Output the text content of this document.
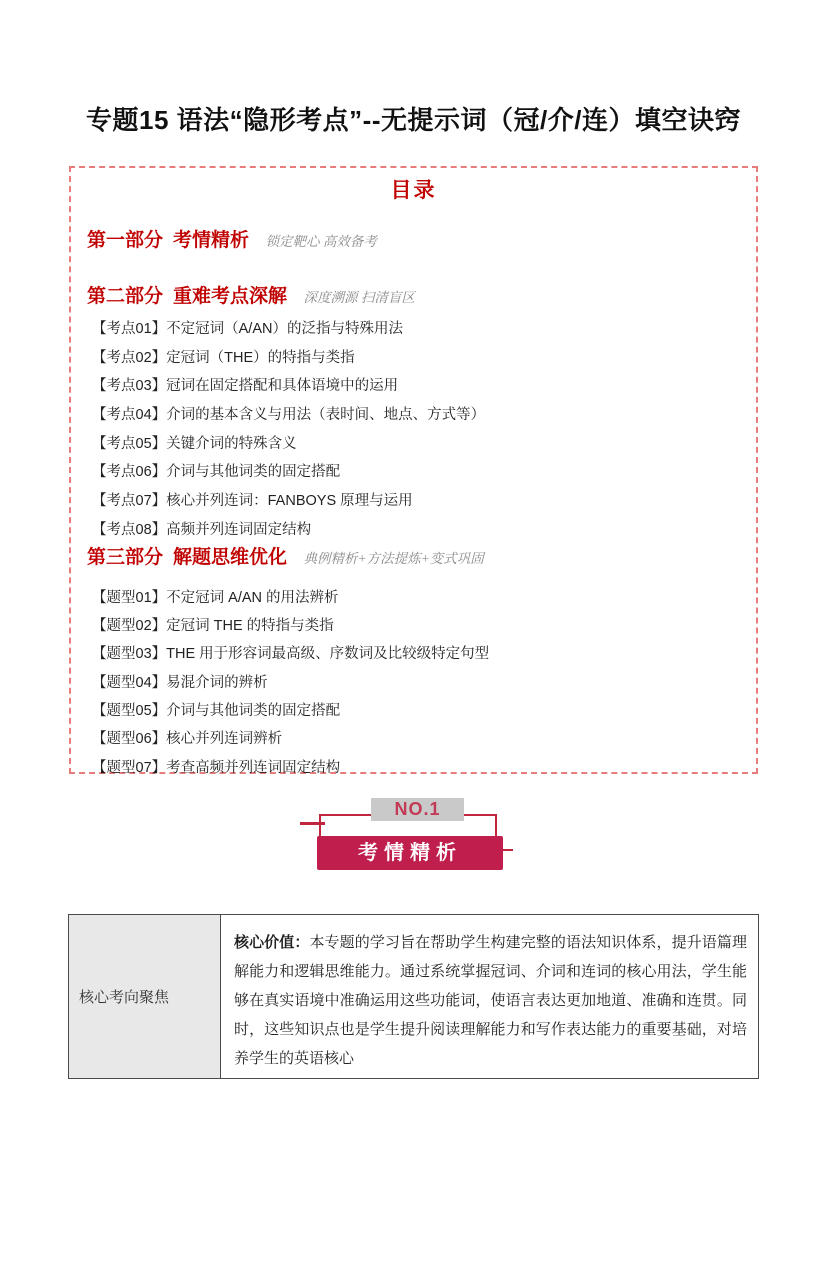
专题15 语法“隐形考点”--无提示词（冠/介/连）填空诀窍
目录
第一部分 考情精析 锁定靶心 高效备考
第二部分 重难考点深解 深度溯源 扫清盲区
【考点01】不定冠词（A/AN）的泛指与特殊用法
【考点02】定冠词（THE）的特指与类指
【考点03】冠词在固定搭配和具体语境中的运用
【考点04】介词的基本含义与用法（表时间、地点、方式等）
【考点05】关键介词的特殊含义
【考点06】介词与其他词类的固定搭配
【考点07】核心并列连词：FANBOYS 原理与运用
【考点08】高频并列连词固定结构
第三部分 解题思维优化 典例精析+方法提炼+变式巩固
【题型01】不定冠词 A/AN 的用法辨析
【题型02】定冠词 THE 的特指与类指
【题型03】THE 用于形容词最高级、序数词及比较级特定句型
【题型04】易混介词的辨析
【题型05】介词与其他词类的固定搭配
【题型06】核心并列连词辨析
【题型07】考查高频并列连词固定结构
NO.1
考情精析
核心考向聚焦	核心价值：本专题的学习旨在帮助学生构建完整的语法知识体系，提升语篇理解能力和逻辑思维能力。通过系统掌握冠词、介词和连词的核心用法，学生能够在真实语境中准确运用这些功能词，使语言表达更加地道、准确和连贯。同时，这些知识点也是学生提升阅读理解能力和写作表达能力的重要基础，对培养学生的英语核心
